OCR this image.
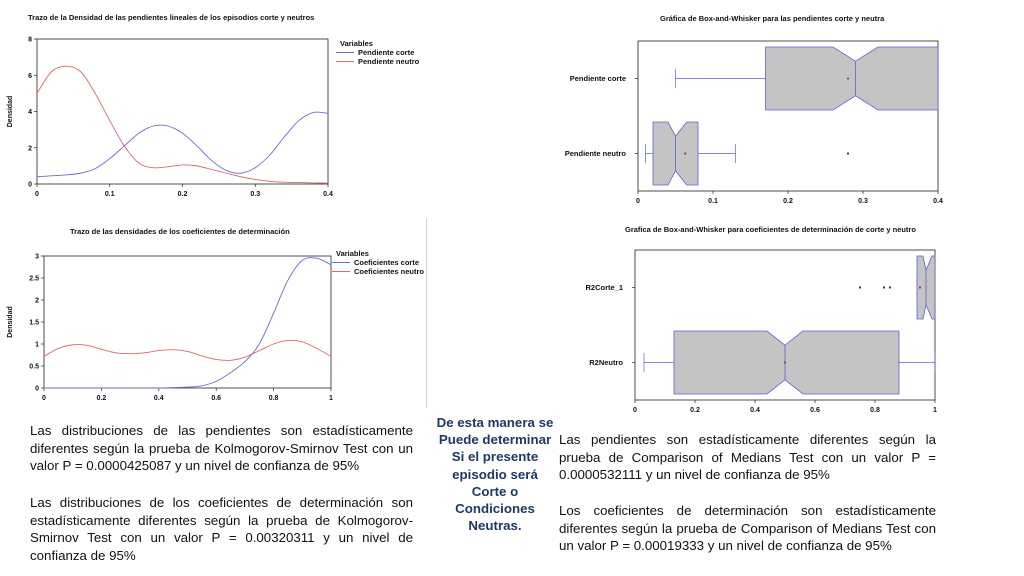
Trazo de la Densidad de las pendientes lineales de los episodios corte y neutros
0	0.1	0.2	0.3	0.4
0
2
4
6
8
Densidad
Variables
Pendiente corte
Pendiente neutro
Trazo de las densidades de los coeficientes de determinación
0	0.2	0.4	0.6	0.8	1
0
0.5
1
1.5
2
2.5
3
Densidad
Variables
Coeficientes corte
Coeficientes neutro
Gráfica de Box-and-Whisker para las pendientes corte y neutra
0	0.1	0.2	0.3	0.4
Pendiente corte
Pendiente neutro
Grafica de Box-and-Whisker para coeficientes de determinación de corte y neutro
0	0.2	0.4	0.6	0.8	1
R2Corte_1
R2Neutro

Las distribuciones de las pendientes son estadísticamente diferentes según la prueba de Kolmogorov-Smirnov Test con un valor P = 0.0000425087 y un nivel de confianza de 95%

Las distribuciones de los coeficientes de determinación son estadísticamente diferentes según la prueba de Kolmogorov-Smirnov Test con un valor P = 0.00320311 y un nivel de confianza de 95%

De esta manera se Puede determinar Si el presente episodio será Corte o Condiciones Neutras.

Las pendientes son estadísticamente diferentes según la prueba de Comparison of Medians Test con un valor P = 0.0000532111 y un nivel de confianza de 95%

Los coeficientes de determinación son estadísticamente diferentes según la prueba de Comparison of Medians Test con un valor P = 0.00019333 y un nivel de confianza de 95%
